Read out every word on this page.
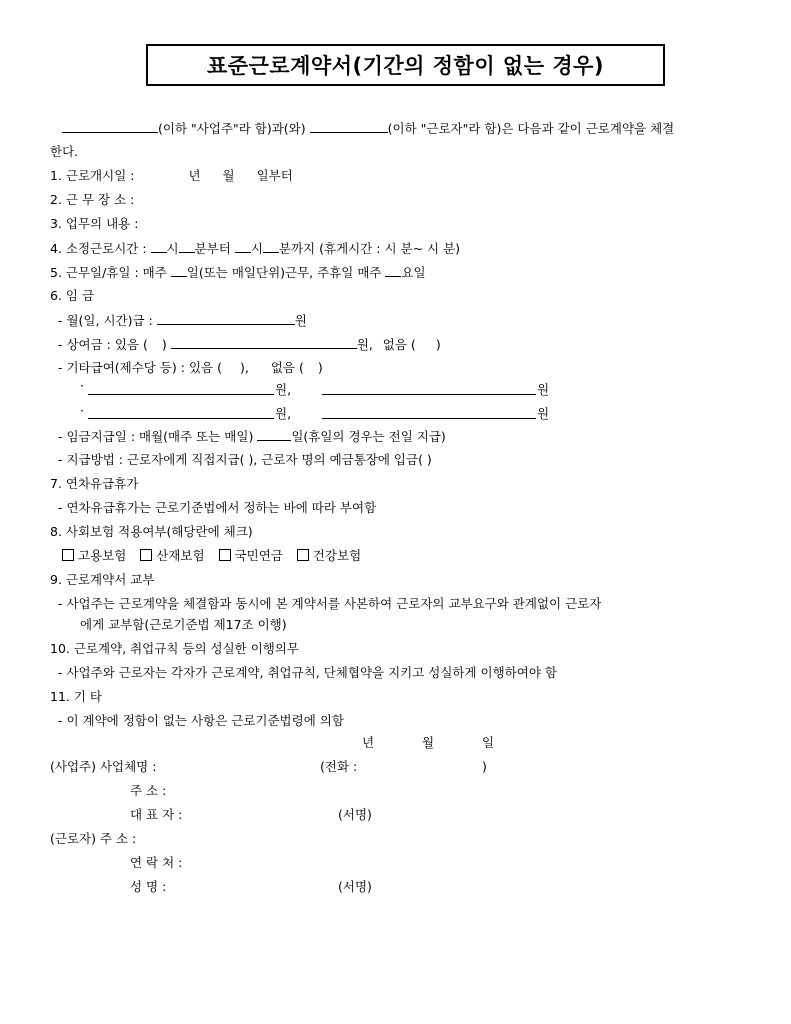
표준근로계약서(기간의 정함이 없는 경우)
(이하 "사업주"라 함)과(와)	(이하 "근로자"라 함)은 다음과 같이 근로계약을 체결
한다.
1. 근로개시일 :	년 월 일부터
2. 근 무 장 소 :
3. 업무의 내용 :
4. 소정근로시간 : 시 분부터 시 분까지 (휴게시간 : 시 분~ 시 분)
5. 근무일/휴일 : 매주 일(또는 매일단위)근무, 주휴일 매주 요일
6. 임 금
- 월(일, 시간)급 :	원
- 상여금 : 있음 ( )	원, 없음 ( )
- 기타급여(제수당 등) : 있음 ( ), 없음 ( )
·	원,	원
·	원,	원
- 임금지급일 : 매월(매주 또는 매일)	일(휴일의 경우는 전일 지급)
- 지급방법 : 근로자에게 직접지급( ), 근로자 명의 예금통장에 입금( )
7. 연차유급휴가
- 연차유급휴가는 근로기준법에서 정하는 바에 따라 부여함
8. 사회보험 적용여부(해당란에 체크)
고용보험 산재보험 국민연금 건강보험
9. 근로계약서 교부
- 사업주는 근로계약을 체결함과 동시에 본 계약서를 사본하여 근로자의 교부요구와 관계없이 근로자
에게 교부함(근로기준법 제17조 이행)
10. 근로계약, 취업규칙 등의 성실한 이행의무
- 사업주와 근로자는 각자가 근로계약, 취업규칙, 단체협약을 지키고 성실하게 이행하여야 함
11. 기 타
- 이 계약에 정함이 없는 사항은 근로기준법령에 의함
년	월	일
(사업주) 사업체명 :	(전화 :	)
주 소 :
대 표 자 :	(서명)
(근로자) 주 소 :
연 락 처 :
성 명 :	(서명)
